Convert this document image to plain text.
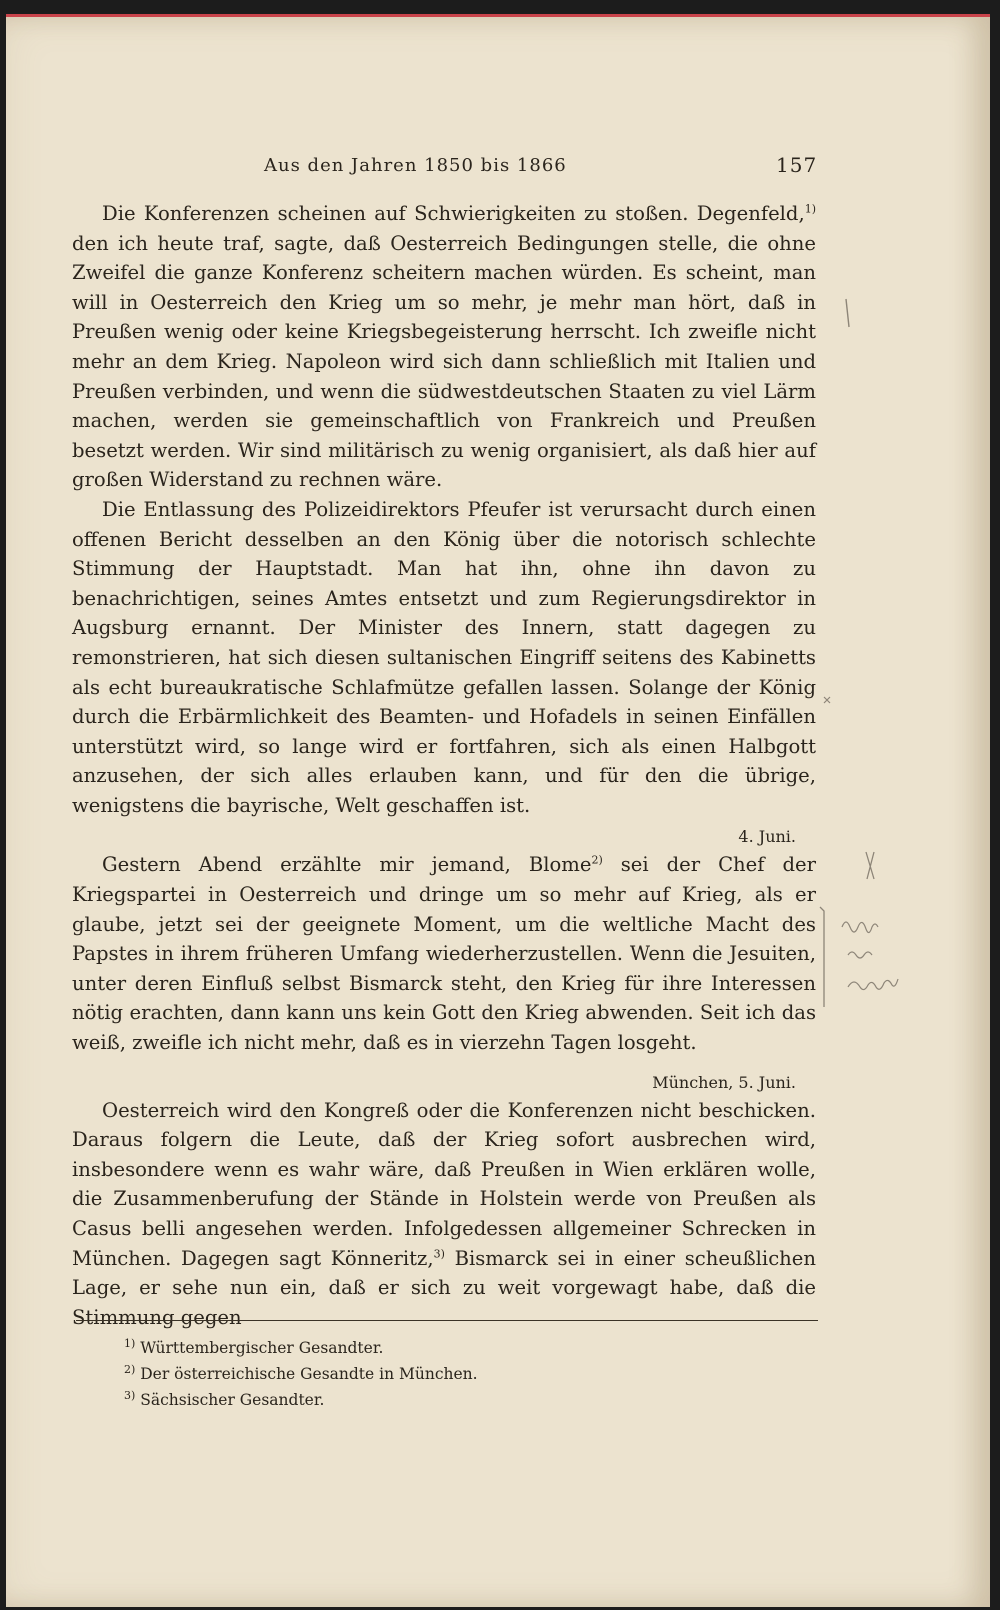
Aus den Jahren 1850 bis 1866	157

Die Konferenzen scheinen auf Schwierigkeiten zu stoßen. Degenfeld,$^{1)}$ den ich heute traf, sagte, daß Oesterreich Bedingungen stelle, die ohne Zweifel die ganze Konferenz scheitern machen würden. Es scheint, man will in Oesterreich den Krieg um so mehr, je mehr man hört, daß in Preußen wenig oder keine Kriegsbegeisterung herrscht. Ich zweifle nicht mehr an dem Krieg. Napoleon wird sich dann schließlich mit Italien und Preußen verbinden, und wenn die südwestdeutschen Staaten zu viel Lärm machen, werden sie gemeinschaftlich von Frankreich und Preußen besetzt werden. Wir sind militärisch zu wenig organisiert, als daß hier auf großen Widerstand zu rechnen wäre.

Die Entlassung des Polizeidirektors Pfeufer ist verursacht durch einen offenen Bericht desselben an den König über die notorisch schlechte Stimmung der Hauptstadt. Man hat ihn, ohne ihn davon zu benachrichtigen, seines Amtes entsetzt und zum Regierungsdirektor in Augsburg ernannt. Der Minister des Innern, statt dagegen zu remonstrieren, hat sich diesen sultanischen Eingriff seitens des Kabinetts als echt bureaukratische Schlafmütze gefallen lassen. Solange der König durch die Erbärmlichkeit des Beamten- und Hofadels in seinen Einfällen unterstützt wird, so lange wird er fortfahren, sich als einen Halbgott anzusehen, der sich alles erlauben kann, und für den die übrige, wenigstens die bayrische, Welt geschaffen ist.

4. Juni.

Gestern Abend erzählte mir jemand, Blome$^{2)}$ sei der Chef der Kriegspartei in Oesterreich und dringe um so mehr auf Krieg, als er glaube, jetzt sei der geeignete Moment, um die weltliche Macht des Papstes in ihrem früheren Umfang wiederherzustellen. Wenn die Jesuiten, unter deren Einfluß selbst Bismarck steht, den Krieg für ihre Interessen nötig erachten, dann kann uns kein Gott den Krieg abwenden. Seit ich das weiß, zweifle ich nicht mehr, daß es in vierzehn Tagen losgeht.

München, 5. Juni.

Oesterreich wird den Kongreß oder die Konferenzen nicht beschicken. Daraus folgern die Leute, daß der Krieg sofort ausbrechen wird, insbesondere wenn es wahr wäre, daß Preußen in Wien erklären wolle, die Zusammenberufung der Stände in Holstein werde von Preußen als Casus belli angesehen werden. Infolgedessen allgemeiner Schrecken in München. Dagegen sagt Könneritz,$^{3)}$ Bismarck sei in einer scheußlichen Lage, er sehe nun ein, daß er sich zu weit vorgewagt habe, daß die Stimmung gegen

$^{1)}$ Württembergischer Gesandter.
$^{2)}$ Der österreichische Gesandte in München.
$^{3)}$ Sächsischer Gesandter.
